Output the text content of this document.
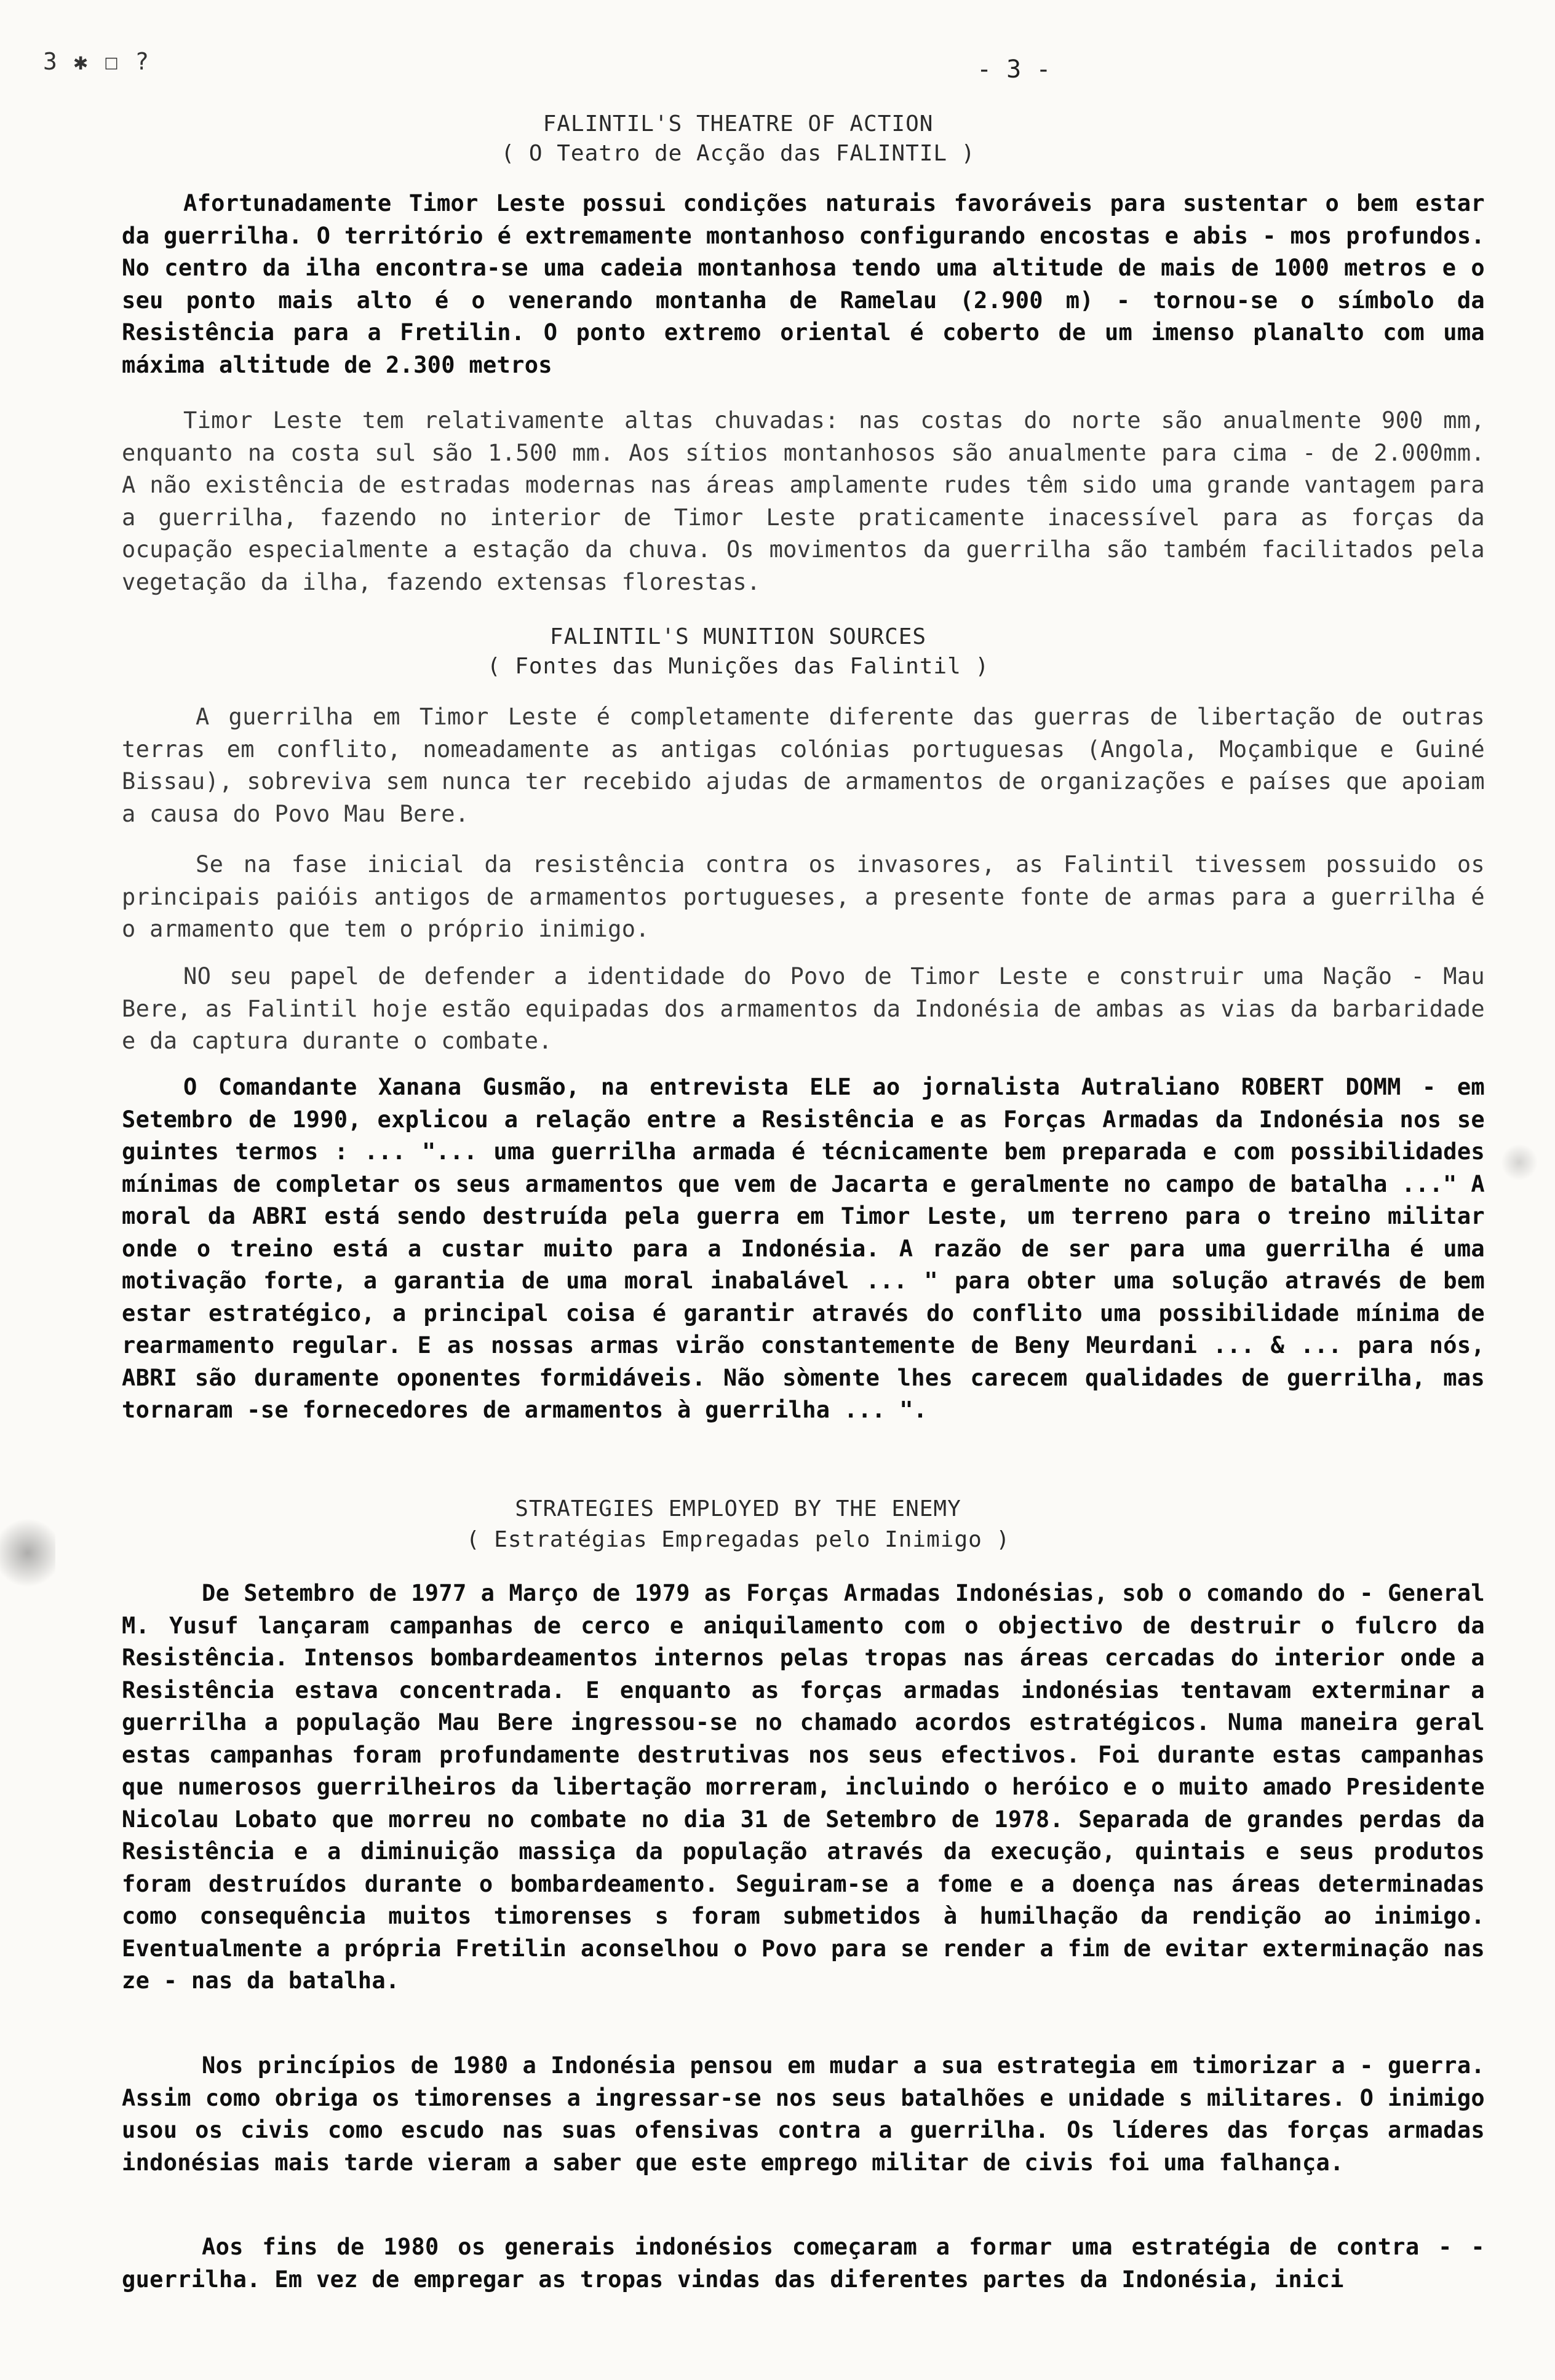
3 ✱ ☐ ?	- 3 -
FALINTIL'S THEATRE OF ACTION
( O Teatro de Acção das FALINTIL )
Afortunadamente Timor Leste possui condições naturais favoráveis para sustentar o bem estar da guerrilha. O território é extremamente montanhoso configurando encostas e abis - mos profundos. No centro da ilha encontra-se uma cadeia montanhosa tendo uma altitude de mais de 1000 metros e o seu ponto mais alto é o venerando montanha de Ramelau (2.900 m) - tornou-se o símbolo da Resistência para a Fretilin. O ponto extremo oriental é coberto de um imenso planalto com uma máxima altitude de 2.300 metros
Timor Leste tem relativamente altas chuvadas: nas costas do norte são anualmente 900 mm, enquanto na costa sul são 1.500 mm. Aos sítios montanhosos são anualmente para cima - de 2.000mm. A não existência de estradas modernas nas áreas amplamente rudes têm sido uma grande vantagem para a guerrilha, fazendo no interior de Timor Leste praticamente inacessível para as forças da ocupação especialmente a estação da chuva. Os movimentos da guerrilha são também facilitados pela vegetação da ilha, fazendo extensas florestas.
FALINTIL'S MUNITION SOURCES
( Fontes das Munições das Falintil )
A guerrilha em Timor Leste é completamente diferente das guerras de libertação de outras terras em conflito, nomeadamente as antigas colónias portuguesas (Angola, Moçambique e Guiné Bissau), sobreviva sem nunca ter recebido ajudas de armamentos de organizações e países que apoiam a causa do Povo Mau Bere.
Se na fase inicial da resistência contra os invasores, as Falintil tivessem possuido os principais paióis antigos de armamentos portugueses, a presente fonte de armas para a guerrilha é o armamento que tem o próprio inimigo.
NO seu papel de defender a identidade do Povo de Timor Leste e construir uma Nação - Mau Bere, as Falintil hoje estão equipadas dos armamentos da Indonésia de ambas as vias da barbaridade e da captura durante o combate.
O Comandante Xanana Gusmão, na entrevista ELE ao jornalista Autraliano ROBERT DOMM - em Setembro de 1990, explicou a relação entre a Resistência e as Forças Armadas da Indonésia nos se guintes termos : ... "... uma guerrilha armada é técnicamente bem preparada e com possibilidades mínimas de completar os seus armamentos que vem de Jacarta e geralmente no campo de batalha ..." A moral da ABRI está sendo destruída pela guerra em Timor Leste, um terreno para o treino militar onde o treino está a custar muito para a Indonésia. A razão de ser para uma guerrilha é uma motivação forte, a garantia de uma moral inabalável ... " para obter uma solução através de bem estar estratégico, a principal coisa é garantir através do conflito uma possibilidade mínima de rearmamento regular. E as nossas armas virão constantemente de Beny Meurdani ... & ... para nós, ABRI são duramente oponentes formidáveis. Não sòmente lhes carecem qualidades de guerrilha, mas tornaram -se fornecedores de armamentos à guerrilha ... ".
STRATEGIES EMPLOYED BY THE ENEMY
( Estratégias Empregadas pelo Inimigo )
De Setembro de 1977 a Março de 1979 as Forças Armadas Indonésias, sob o comando do - General M. Yusuf lançaram campanhas de cerco e aniquilamento com o objectivo de destruir o fulcro da Resistência. Intensos bombardeamentos internos pelas tropas nas áreas cercadas do interior onde a Resistência estava concentrada. E enquanto as forças armadas indonésias tentavam exterminar a guerrilha a população Mau Bere ingressou-se no chamado acordos estratégicos. Numa maneira geral estas campanhas foram profundamente destrutivas nos seus efectivos. Foi durante estas campanhas que numerosos guerrilheiros da libertação morreram, incluindo o heróico e o muito amado Presidente Nicolau Lobato que morreu no combate no dia 31 de Setembro de 1978. Separada de grandes perdas da Resistência e a diminuição massiça da população através da execução, quintais e seus produtos foram destruídos durante o bombardeamento. Seguiram-se a fome e a doença nas áreas determinadas como consequência muitos timorenses s foram submetidos à humilhação da rendição ao inimigo. Eventualmente a própria Fretilin aconselhou o Povo para se render a fim de evitar exterminação nas ze - nas da batalha.
Nos princípios de 1980 a Indonésia pensou em mudar a sua estrategia em timorizar a - guerra. Assim como obriga os timorenses a ingressar-se nos seus batalhões e unidade s militares. O inimigo usou os civis como escudo nas suas ofensivas contra a guerrilha. Os líderes das forças armadas indonésias mais tarde vieram a saber que este emprego militar de civis foi uma falhança.
Aos fins de 1980 os generais indonésios começaram a formar uma estratégia de contra - -guerrilha. Em vez de empregar as tropas vindas das diferentes partes da Indonésia, inici
